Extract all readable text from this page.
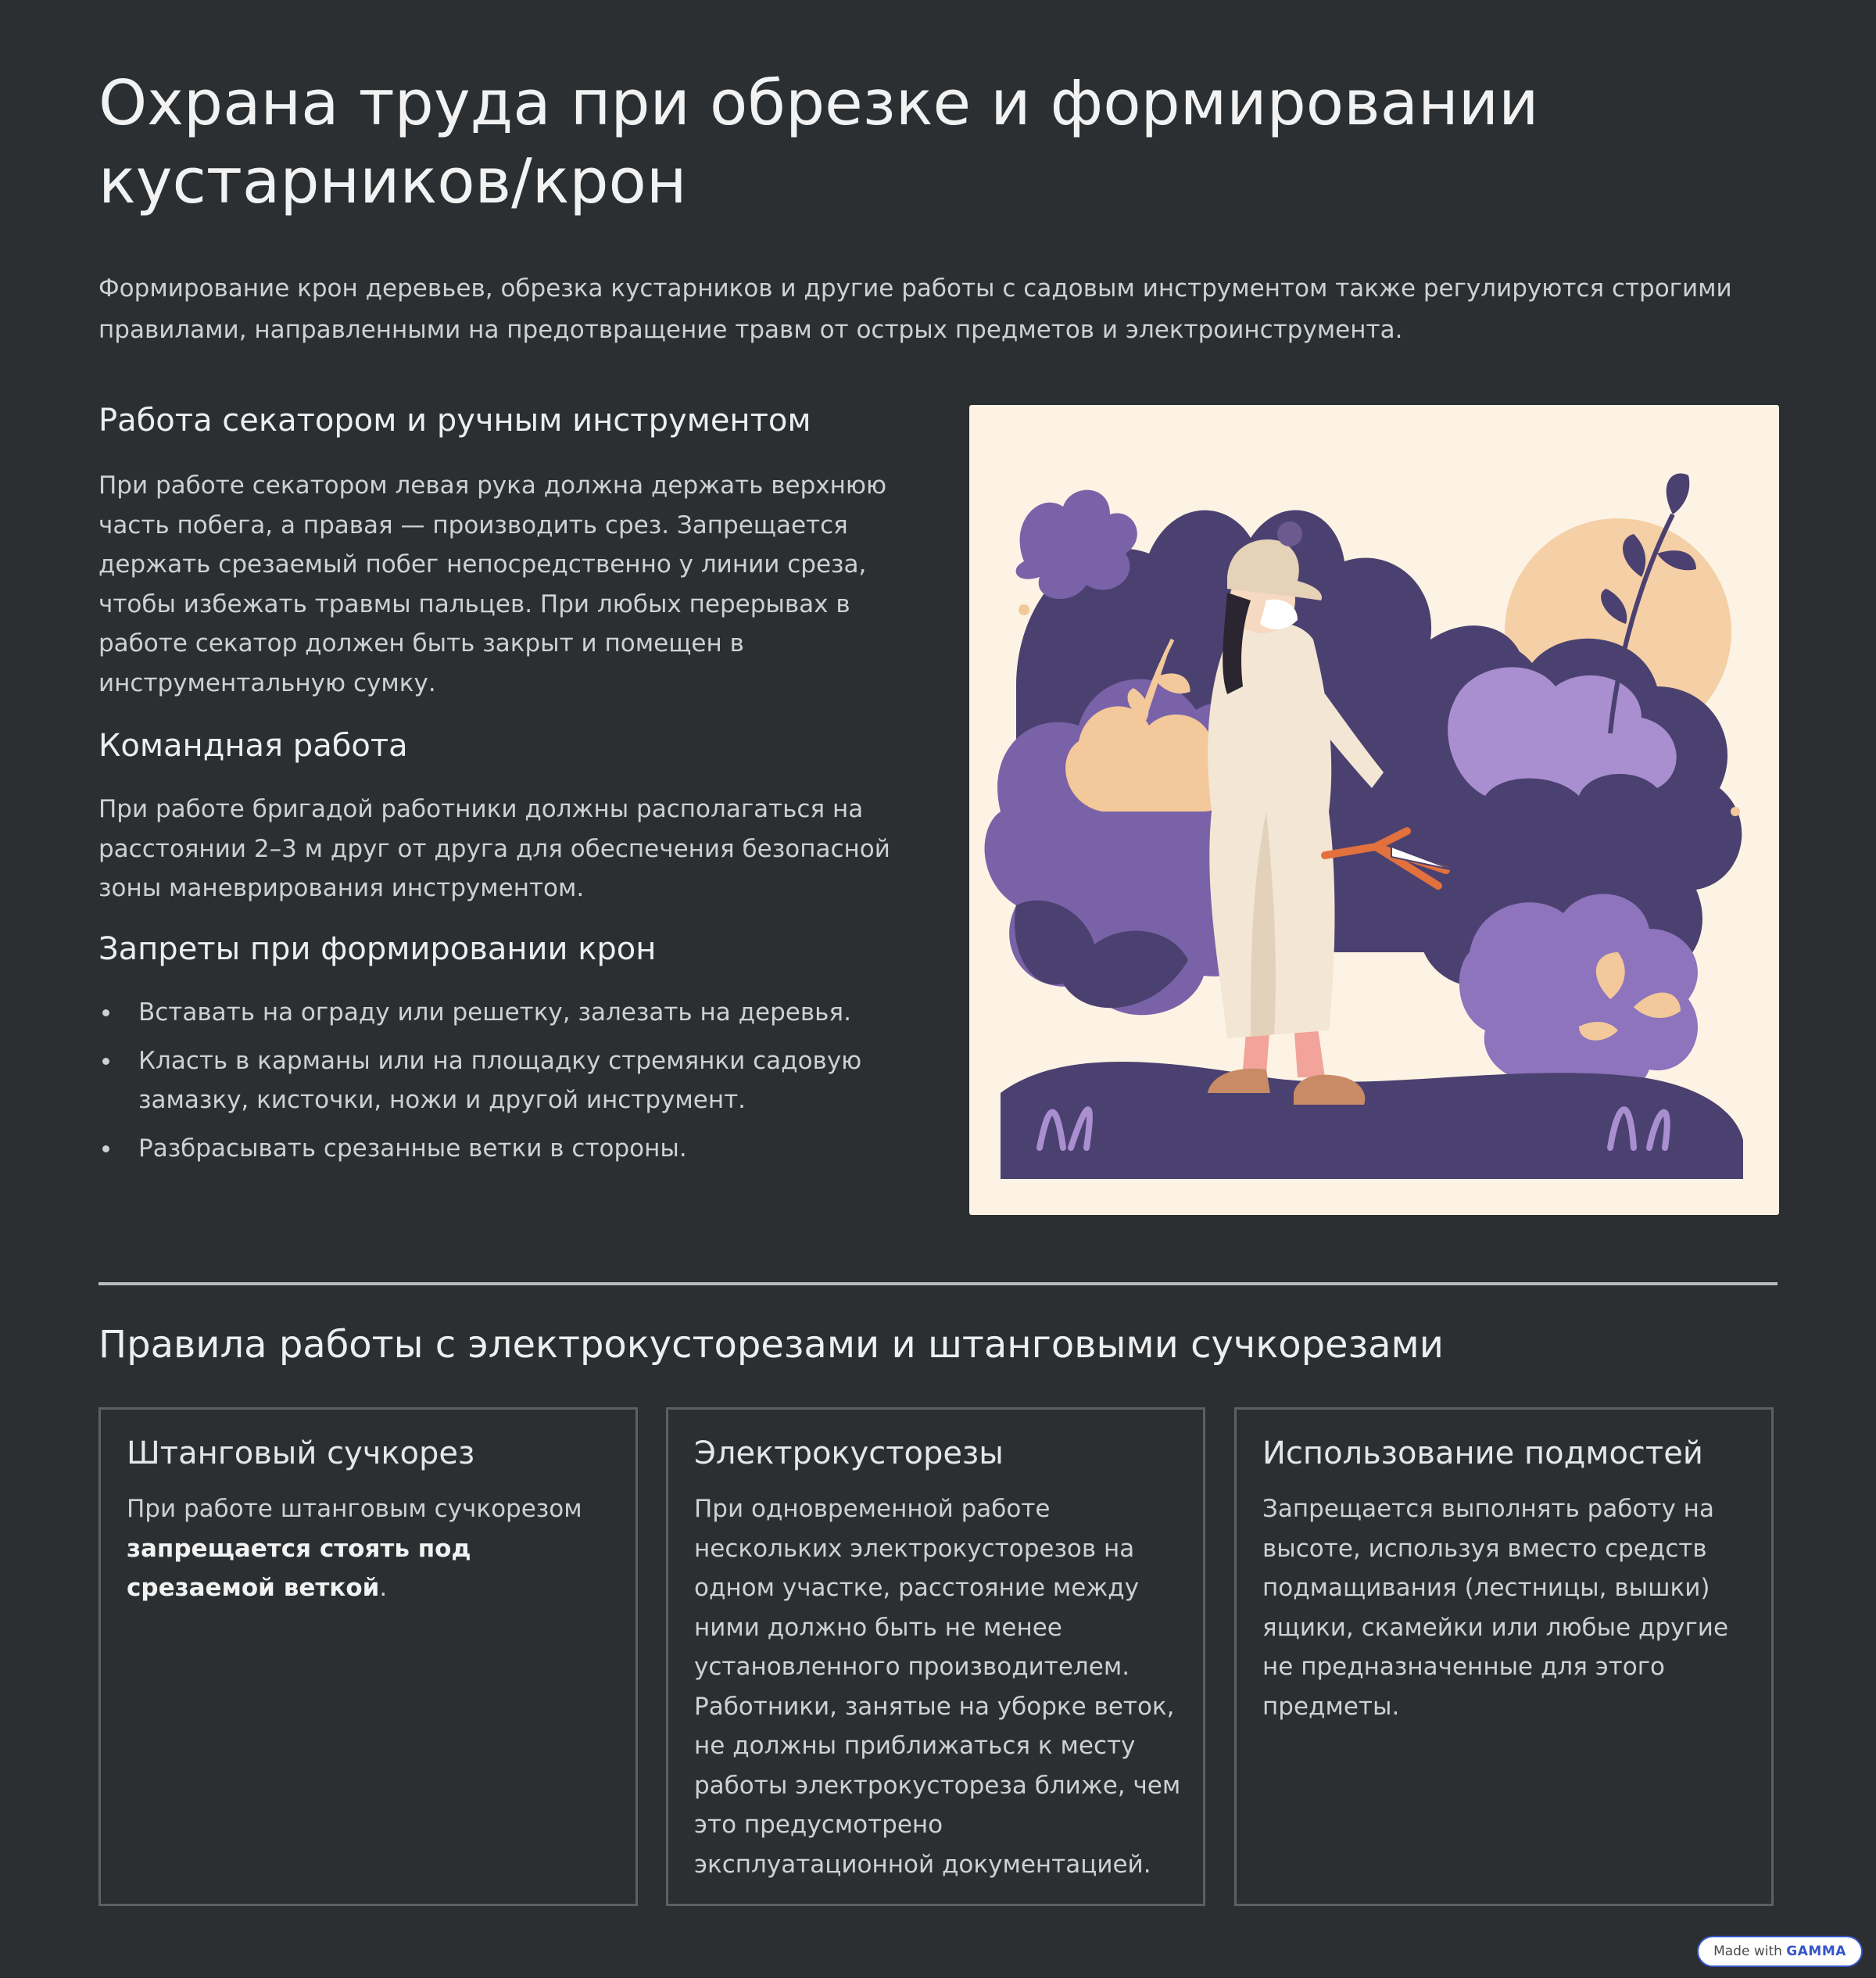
Охрана труда при обрезке и формировании кустарников/крон

Формирование крон деревьев, обрезка кустарников и другие работы с садовым инструментом также регулируются строгими правилами, направленными на предотвращение травм от острых предметов и электроинструмента.

Работа секатором и ручным инструментом

При работе секатором левая рука должна держать верхнюю часть побега, а правая — производить срез. Запрещается держать срезаемый побег непосредственно у линии среза, чтобы избежать травмы пальцев. При любых перерывах в работе секатор должен быть закрыт и помещен в инструментальную сумку.

Командная работа

При работе бригадой работники должны располагаться на расстоянии 2–3 м друг от друга для обеспечения безопасной зоны маневрирования инструментом.

Запреты при формировании крон
Вставать на ограду или решетку, залезать на деревья.
Класть в карманы или на площадку стремянки садовую замазку, кисточки, ножи и другой инструмент.
Разбрасывать срезанные ветки в стороны.
Правила работы с электрокусторезами и штанговыми сучкорезами
Штанговый сучкорез

При работе штанговым сучкорезом запрещается стоять под срезаемой веткой.

Электрокусторезы

При одновременной работе нескольких электрокусторезов на одном участке, расстояние между ними должно быть не менее установленного производителем. Работники, занятые на уборке веток, не должны приближаться к месту работы электрокустореза ближе, чем это предусмотрено эксплуатационной документацией.

Использование подмостей

Запрещается выполнять работу на высоте, используя вместо средств подмащивания (лестницы, вышки) ящики, скамейки или любые другие не предназначенные для этого предметы.

Made with GAMMA
